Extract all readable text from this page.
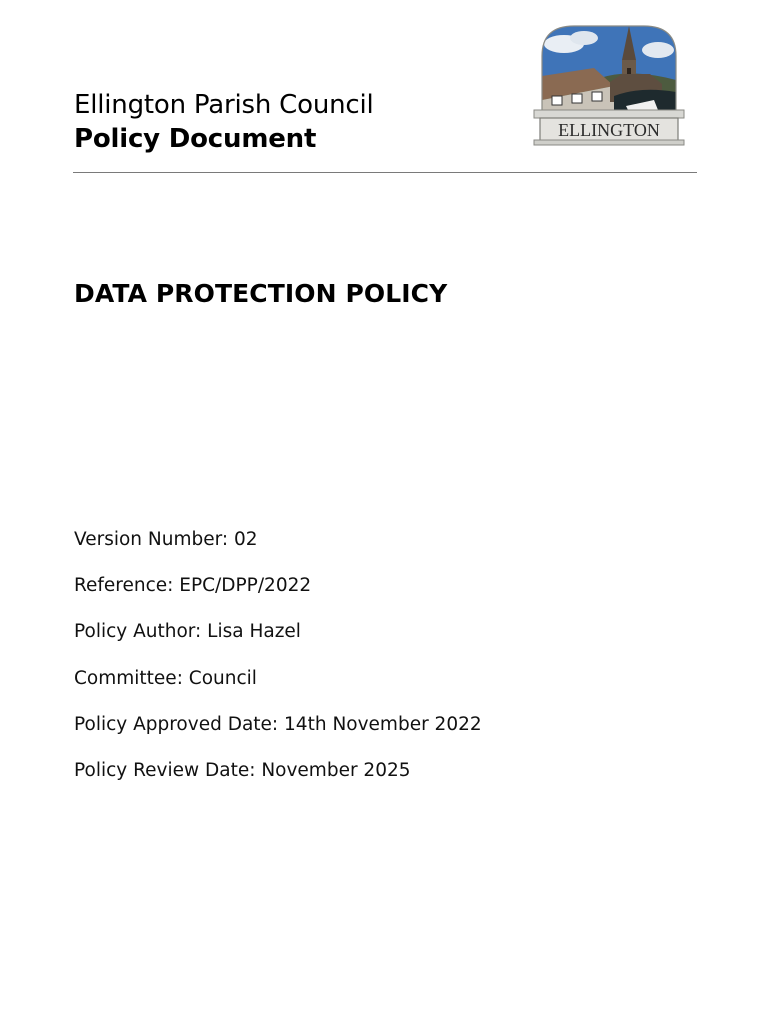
Ellington Parish Council
Policy Document	ELLINGTON
DATA PROTECTION POLICY
Version Number: 02
Reference: EPC/DPP/2022
Policy Author: Lisa Hazel
Committee: Council
Policy Approved Date: 14th November 2022
Policy Review Date: November 2025
